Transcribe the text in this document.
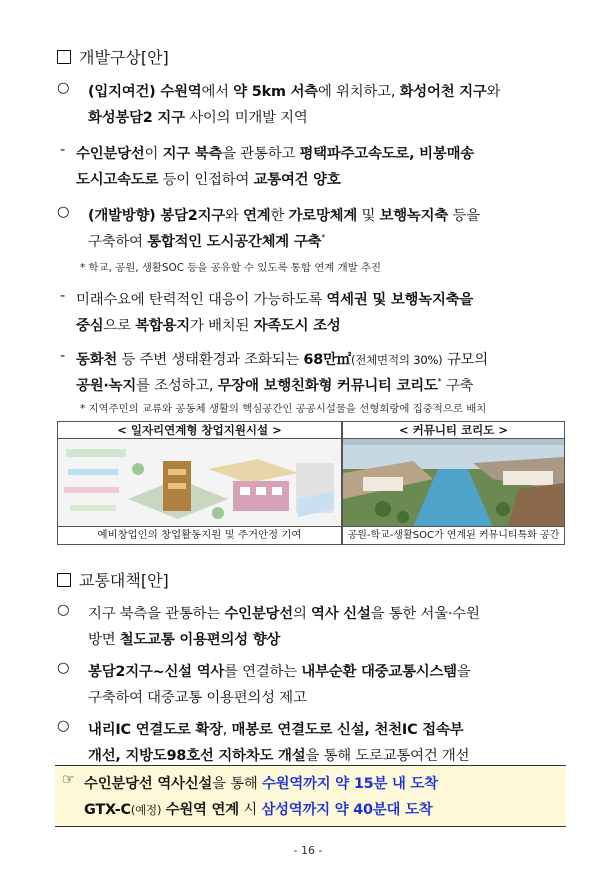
개발구상[안]
○ (입지여건) 수원역에서 약 5km 서측에 위치하고, 화성어천 지구와
화성봉담2 지구 사이의 미개발 지역
- 수인분당선이 지구 북측을 관통하고 평택파주고속도로, 비봉매송
도시고속도로 등이 인접하여 교통여건 양호
○ (개발방향) 봉담2지구와 연계한 가로망체계 및 보행녹지축 등을
구축하여 통합적인 도시공간체계 구축*
* 학교, 공원, 생활SOC 등을 공유할 수 있도록 통합 연계 개발 추진
- 미래수요에 탄력적인 대응이 가능하도록 역세권 및 보행녹지축을
중심으로 복합용지가 배치된 자족도시 조성
- 동화천 등 주변 생태환경과 조화되는 68만㎡(전체면적의 30%) 규모의
공원·녹지를 조성하고, 무장애 보행친화형 커뮤니티 코리도* 구축
* 지역주민의 교류와 공동체 생활의 핵심공간인 공공시설물을 선형회랑에 집중적으로 배치
< 일자리연계형 창업지원시설 >
예비창업인의 창업활동지원 및 주거안정 기여
< 커뮤니티 코리도 >
공원-학교-생활SOC가 연계된 커뮤니티특화 공간
교통대책[안]
○ 지구 북측을 관통하는 수인분당선의 역사 신설을 통한 서울·수원
방면 철도교통 이용편의성 향상
○ 봉담2지구~신설 역사를 연결하는 내부순환 대중교통시스템을
구축하여 대중교통 이용편의성 제고
○ 내리IC 연결도로 확장, 매봉로 연결도로 신설, 천천IC 접속부
개선, 지방도98호선 지하차도 개설을 통해 도로교통여건 개선
☞ 수인분당선 역사신설을 통해 수원역까지 약 15분 내 도착
GTX-C(예정) 수원역 연계 시 삼성역까지 약 40분대 도착
- 16 -
